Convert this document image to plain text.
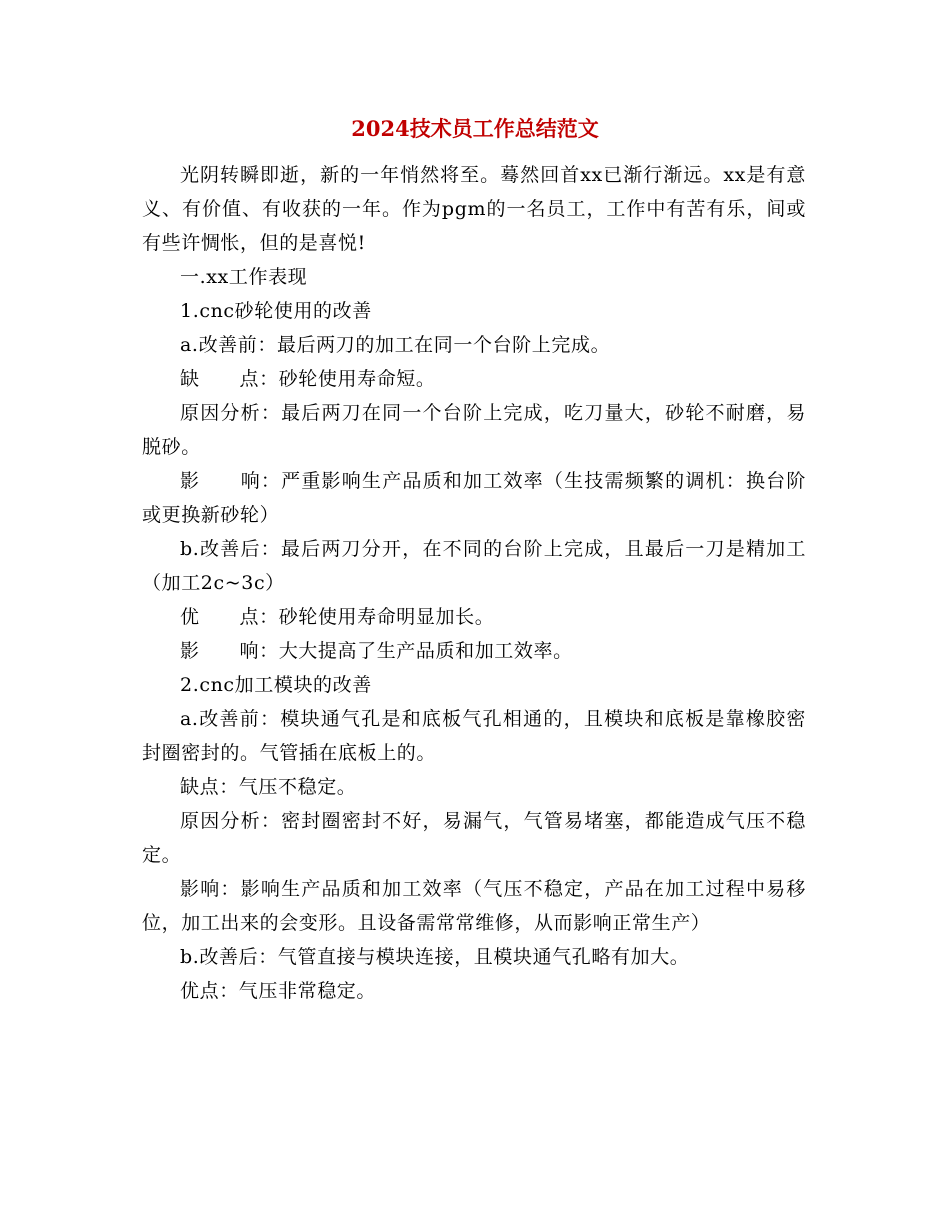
2024技术员工作总结范文

光阴转瞬即逝，新的一年悄然将至。蓦然回首xx已渐行渐远。xx是有意义、有价值、有收获的一年。作为pgm的一名员工，工作中有苦有乐，间或有些许惆怅，但的是喜悦!

一.xx工作表现

1.cnc砂轮使用的改善

a.改善前：最后两刀的加工在同一个台阶上完成。

缺 点：砂轮使用寿命短。

原因分析：最后两刀在同一个台阶上完成，吃刀量大，砂轮不耐磨，易脱砂。

影 响：严重影响生产品质和加工效率（生技需频繁的调机：换台阶或更换新砂轮）

b.改善后：最后两刀分开，在不同的台阶上完成，且最后一刀是精加工（加工2c~3c）

优 点：砂轮使用寿命明显加长。

影 响：大大提高了生产品质和加工效率。

2.cnc加工模块的改善

a.改善前：模块通气孔是和底板气孔相通的，且模块和底板是靠橡胶密封圈密封的。气管插在底板上的。

缺点：气压不稳定。

原因分析：密封圈密封不好，易漏气，气管易堵塞，都能造成气压不稳定。

影响：影响生产品质和加工效率（气压不稳定，产品在加工过程中易移位，加工出来的会变形。且设备需常常维修，从而影响正常生产）

b.改善后：气管直接与模块连接，且模块通气孔略有加大。

优点：气压非常稳定。
